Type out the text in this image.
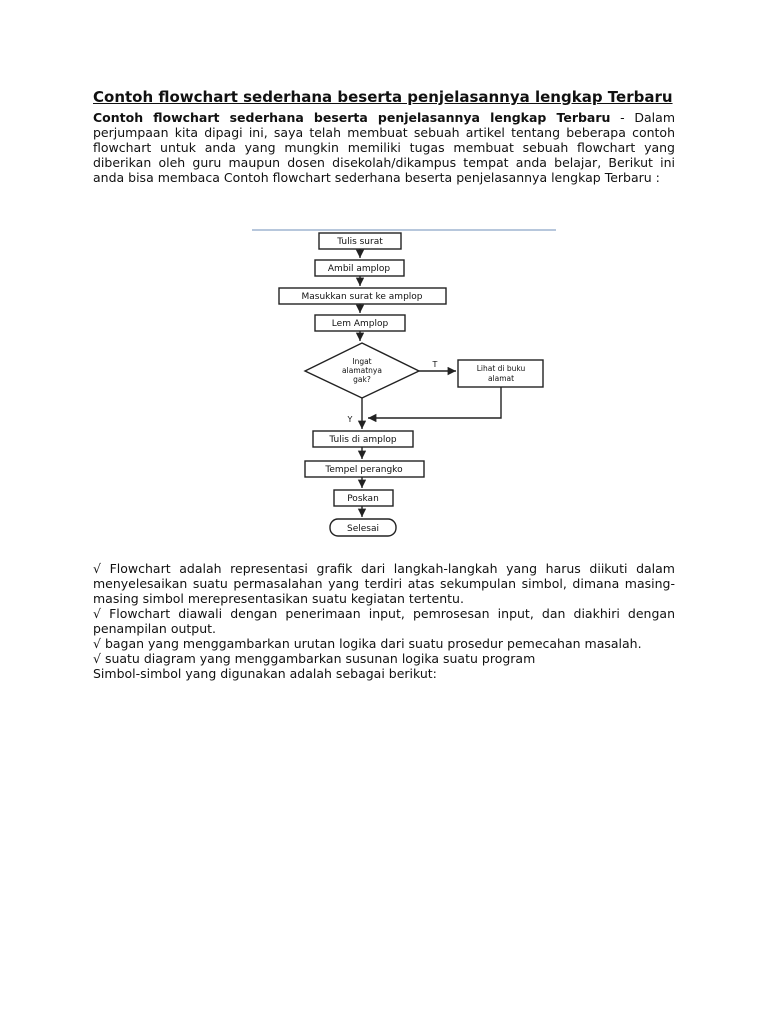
Contoh flowchart sederhana beserta penjelasannya lengkap Terbaru

Contoh flowchart sederhana beserta penjelasannya lengkap Terbaru - Dalam perjumpaan kita dipagi ini, saya telah membuat sebuah artikel tentang beberapa contoh flowchart untuk anda yang mungkin memiliki tugas membuat sebuah flowchart yang diberikan oleh guru maupun dosen disekolah/dikampus tempat anda belajar, Berikut ini anda bisa membaca Contoh flowchart sederhana beserta penjelasannya lengkap Terbaru :

Tulis surat
Ambil amplop
Masukkan surat ke amplop
Lem Amplop
Ingat
alamatnya
gak?
Lihat di buku
alamat
T
Y
Tulis di amplop
Tempel perangko
Poskan
Selesai

√ Flowchart adalah representasi grafik dari langkah-langkah yang harus diikuti dalam menyelesaikan suatu permasalahan yang terdiri atas sekumpulan simbol, dimana masing-masing simbol merepresentasikan suatu kegiatan tertentu.

√ Flowchart diawali dengan penerimaan input, pemrosesan input, dan diakhiri dengan penampilan output.

√ bagan yang menggambarkan urutan logika dari suatu prosedur pemecahan masalah.

√ suatu diagram yang menggambarkan susunan logika suatu program

Simbol-simbol yang digunakan adalah sebagai berikut:
